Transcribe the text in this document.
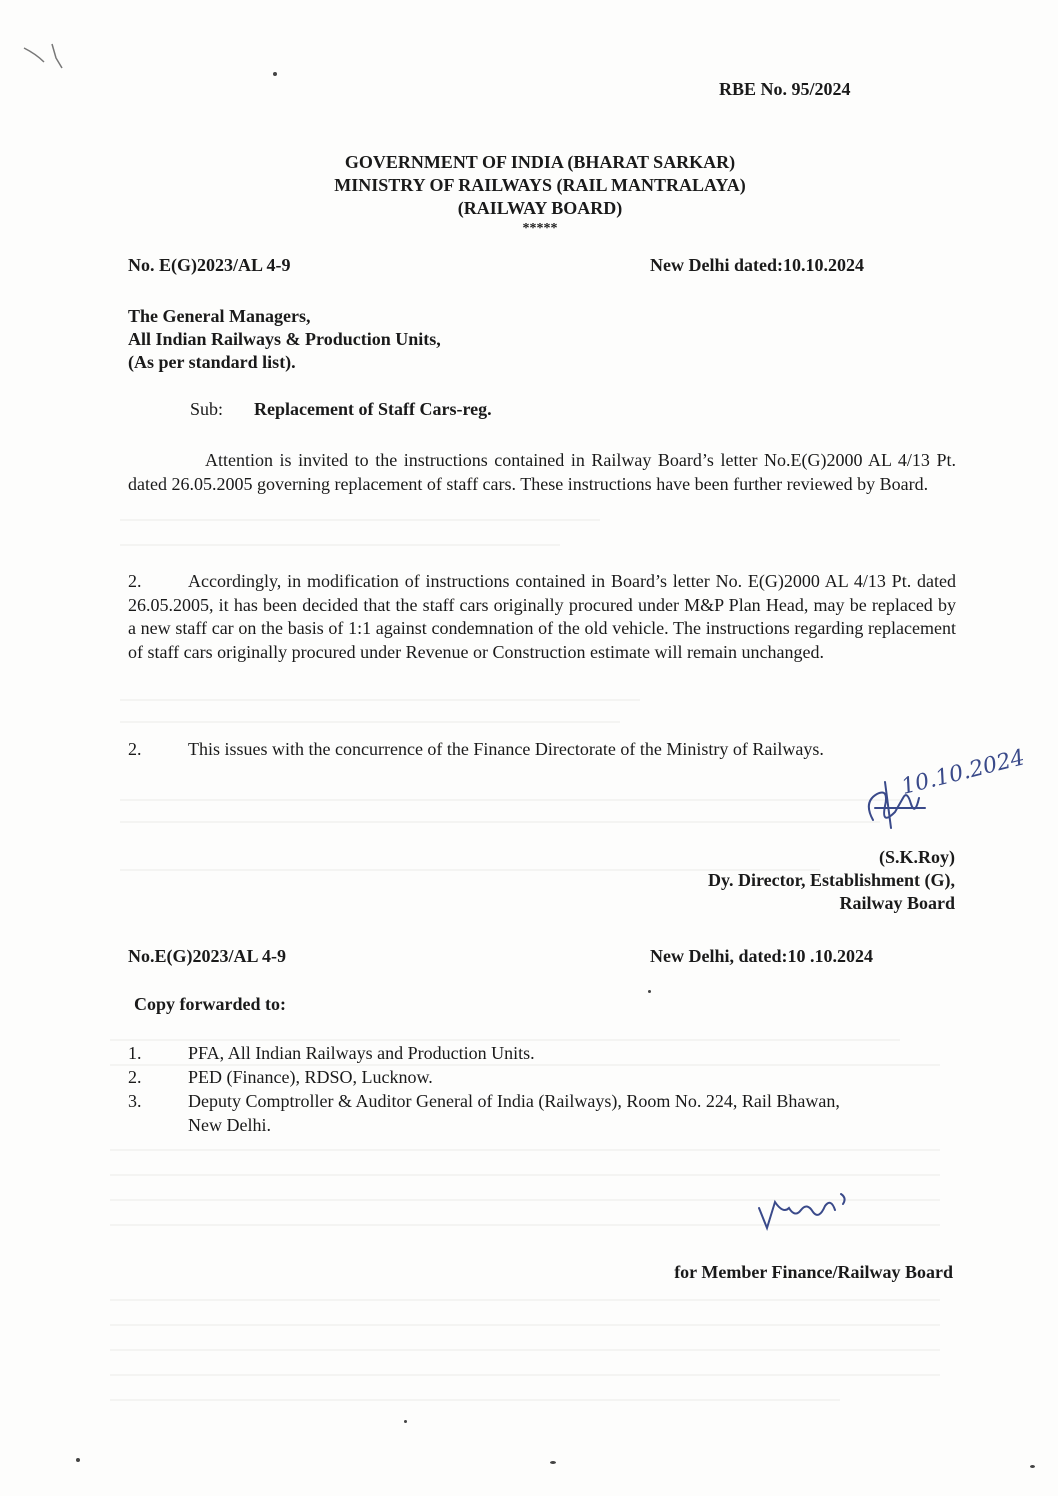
RBE No. 95/2024
GOVERNMENT OF INDIA (BHARAT SARKAR)
MINISTRY OF RAILWAYS (RAIL MANTRALAYA)
(RAILWAY BOARD)
*****
No. E(G)2023/AL 4-9	New Delhi dated:10.10.2024
The General Managers,
All Indian Railways & Production Units,
(As per standard list).
Sub: Replacement of Staff Cars-reg.
Attention is invited to the instructions contained in Railway Board’s letter No.E(G)2000 AL 4/13 Pt. dated 26.05.2005 governing replacement of staff cars. These instructions have been further reviewed by Board.
2.	Accordingly, in modification of instructions contained in Board’s letter No. E(G)2000 AL 4/13 Pt. dated 26.05.2005, it has been decided that the staff cars originally procured under M&P Plan Head, may be replaced by a new staff car on the basis of 1:1 against condemnation of the old vehicle. The instructions regarding replacement of staff cars originally procured under Revenue or Construction estimate will remain unchanged.
2.	This issues with the concurrence of the Finance Directorate of the Ministry of Railways.	10.10.2024
(S.K.Roy)
Dy. Director, Establishment (G),
Railway Board
No.E(G)2023/AL 4-9	New Delhi, dated:10 .10.2024
Copy forwarded to:
1.	PFA, All Indian Railways and Production Units.
2.	PED (Finance), RDSO, Lucknow.
3.	Deputy Comptroller & Auditor General of India (Railways), Room No. 224, Rail Bhawan, New Delhi.
for Member Finance/Railway Board
